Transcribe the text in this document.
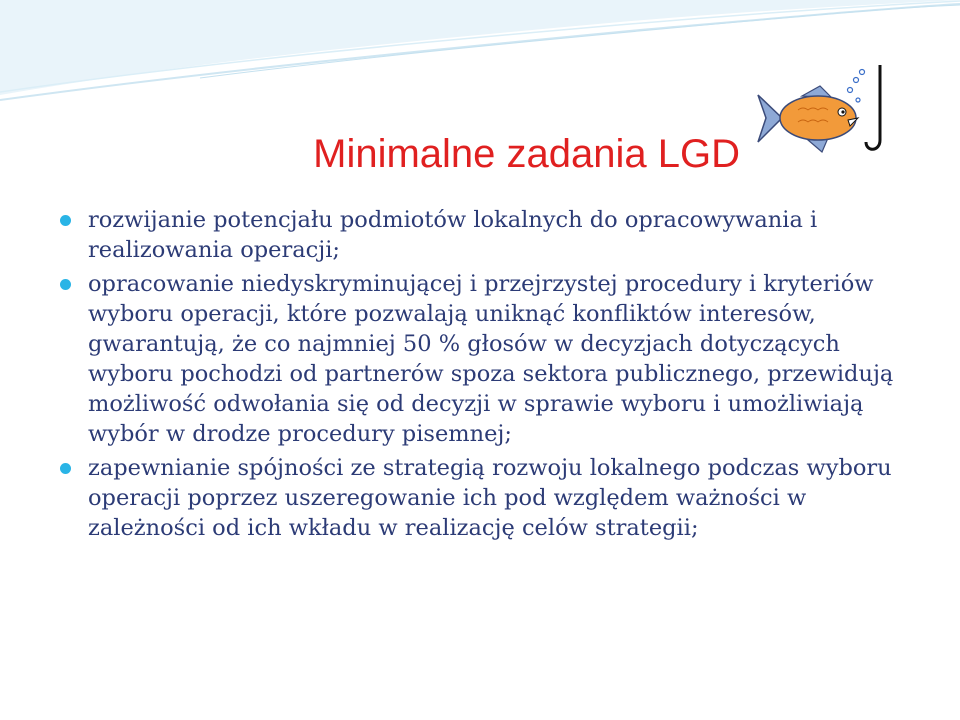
Minimalne zadania LGD
rozwijanie potencjału podmiotów lokalnych do opracowywania i realizowania operacji;
opracowanie niedyskryminującej i przejrzystej procedury i kryteriów wyboru operacji, które pozwalają uniknąć konfliktów interesów, gwarantują, że co najmniej 50 % głosów w decyzjach dotyczących wyboru pochodzi od partnerów spoza sektora publicznego, przewidują możliwość odwołania się od decyzji w sprawie wyboru i umożliwiają wybór w drodze procedury pisemnej;
zapewnianie spójności ze strategią rozwoju lokalnego podczas wyboru operacji poprzez uszeregowanie ich pod względem ważności w zależności od ich wkładu w realizację celów strategii;
